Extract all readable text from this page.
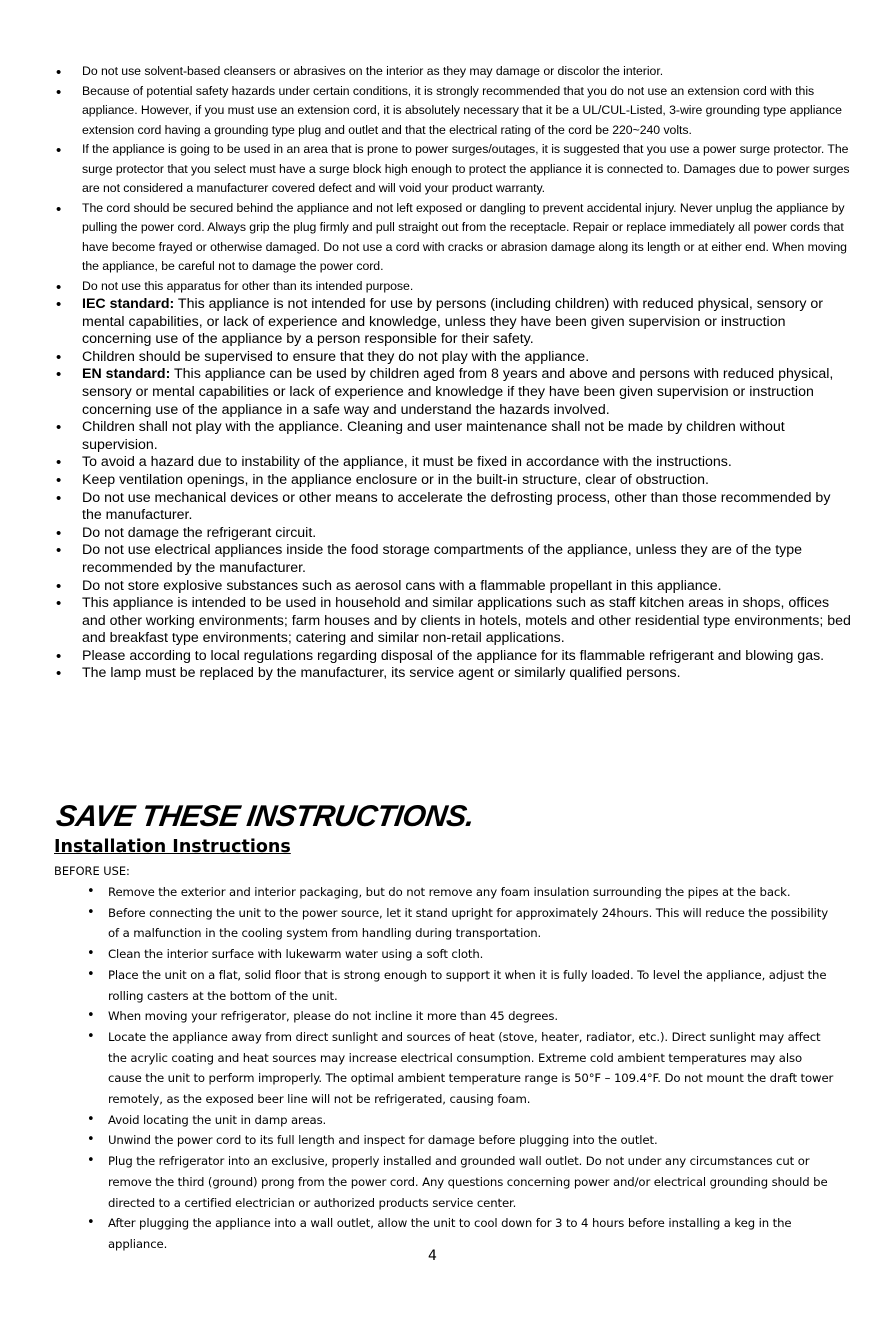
• Do not use solvent-based cleansers or abrasives on the interior as they may damage or discolor the interior.
• Because of potential safety hazards under certain conditions, it is strongly recommended that you do not use an extension cord with this appliance. However, if you must use an extension cord, it is absolutely necessary that it be a UL/CUL-Listed, 3-wire grounding type appliance extension cord having a grounding type plug and outlet and that the electrical rating of the cord be 220~240 volts.
• If the appliance is going to be used in an area that is prone to power surges/outages, it is suggested that you use a power surge protector. The surge protector that you select must have a surge block high enough to protect the appliance it is connected to. Damages due to power surges are not considered a manufacturer covered defect and will void your product warranty.
• The cord should be secured behind the appliance and not left exposed or dangling to prevent accidental injury. Never unplug the appliance by pulling the power cord. Always grip the plug firmly and pull straight out from the receptacle. Repair or replace immediately all power cords that have become frayed or otherwise damaged. Do not use a cord with cracks or abrasion damage along its length or at either end. When moving the appliance, be careful not to damage the power cord.
• Do not use this apparatus for other than its intended purpose.
• IEC standard: This appliance is not intended for use by persons (including children) with reduced physical, sensory or mental capabilities, or lack of experience and knowledge, unless they have been given supervision or instruction concerning use of the appliance by a person responsible for their safety.
• Children should be supervised to ensure that they do not play with the appliance.
• EN standard: This appliance can be used by children aged from 8 years and above and persons with reduced physical, sensory or mental capabilities or lack of experience and knowledge if they have been given supervision or instruction concerning use of the appliance in a safe way and understand the hazards involved.
• Children shall not play with the appliance. Cleaning and user maintenance shall not be made by children without supervision.
• To avoid a hazard due to instability of the appliance, it must be fixed in accordance with the instructions.
• Keep ventilation openings, in the appliance enclosure or in the built-in structure, clear of obstruction.
• Do not use mechanical devices or other means to accelerate the defrosting process, other than those recommended by the manufacturer.
• Do not damage the refrigerant circuit.
• Do not use electrical appliances inside the food storage compartments of the appliance, unless they are of the type recommended by the manufacturer.
• Do not store explosive substances such as aerosol cans with a flammable propellant in this appliance.
• This appliance is intended to be used in household and similar applications such as staff kitchen areas in shops, offices and other working environments; farm houses and by clients in hotels, motels and other residential type environments; bed and breakfast type environments; catering and similar non-retail applications.
• Please according to local regulations regarding disposal of the appliance for its flammable refrigerant and blowing gas.
• The lamp must be replaced by the manufacturer, its service agent or similarly qualified persons.
SAVE THESE INSTRUCTIONS.
Installation Instructions
BEFORE USE:
• Remove the exterior and interior packaging, but do not remove any foam insulation surrounding the pipes at the back.
• Before connecting the unit to the power source, let it stand upright for approximately 24hours. This will reduce the possibility of a malfunction in the cooling system from handling during transportation.
• Clean the interior surface with lukewarm water using a soft cloth.
• Place the unit on a flat, solid floor that is strong enough to support it when it is fully loaded. To level the appliance, adjust the rolling casters at the bottom of the unit.
• When moving your refrigerator, please do not incline it more than 45 degrees.
• Locate the appliance away from direct sunlight and sources of heat (stove, heater, radiator, etc.). Direct sunlight may affect the acrylic coating and heat sources may increase electrical consumption. Extreme cold ambient temperatures may also cause the unit to perform improperly. The optimal ambient temperature range is 50°F – 109.4°F. Do not mount the draft tower remotely, as the exposed beer line will not be refrigerated, causing foam.
• Avoid locating the unit in damp areas.
• Unwind the power cord to its full length and inspect for damage before plugging into the outlet.
• Plug the refrigerator into an exclusive, properly installed and grounded wall outlet. Do not under any circumstances cut or remove the third (ground) prong from the power cord. Any questions concerning power and/or electrical grounding should be directed to a certified electrician or authorized products service center.
• After plugging the appliance into a wall outlet, allow the unit to cool down for 3 to 4 hours before installing a keg in the appliance.
4
